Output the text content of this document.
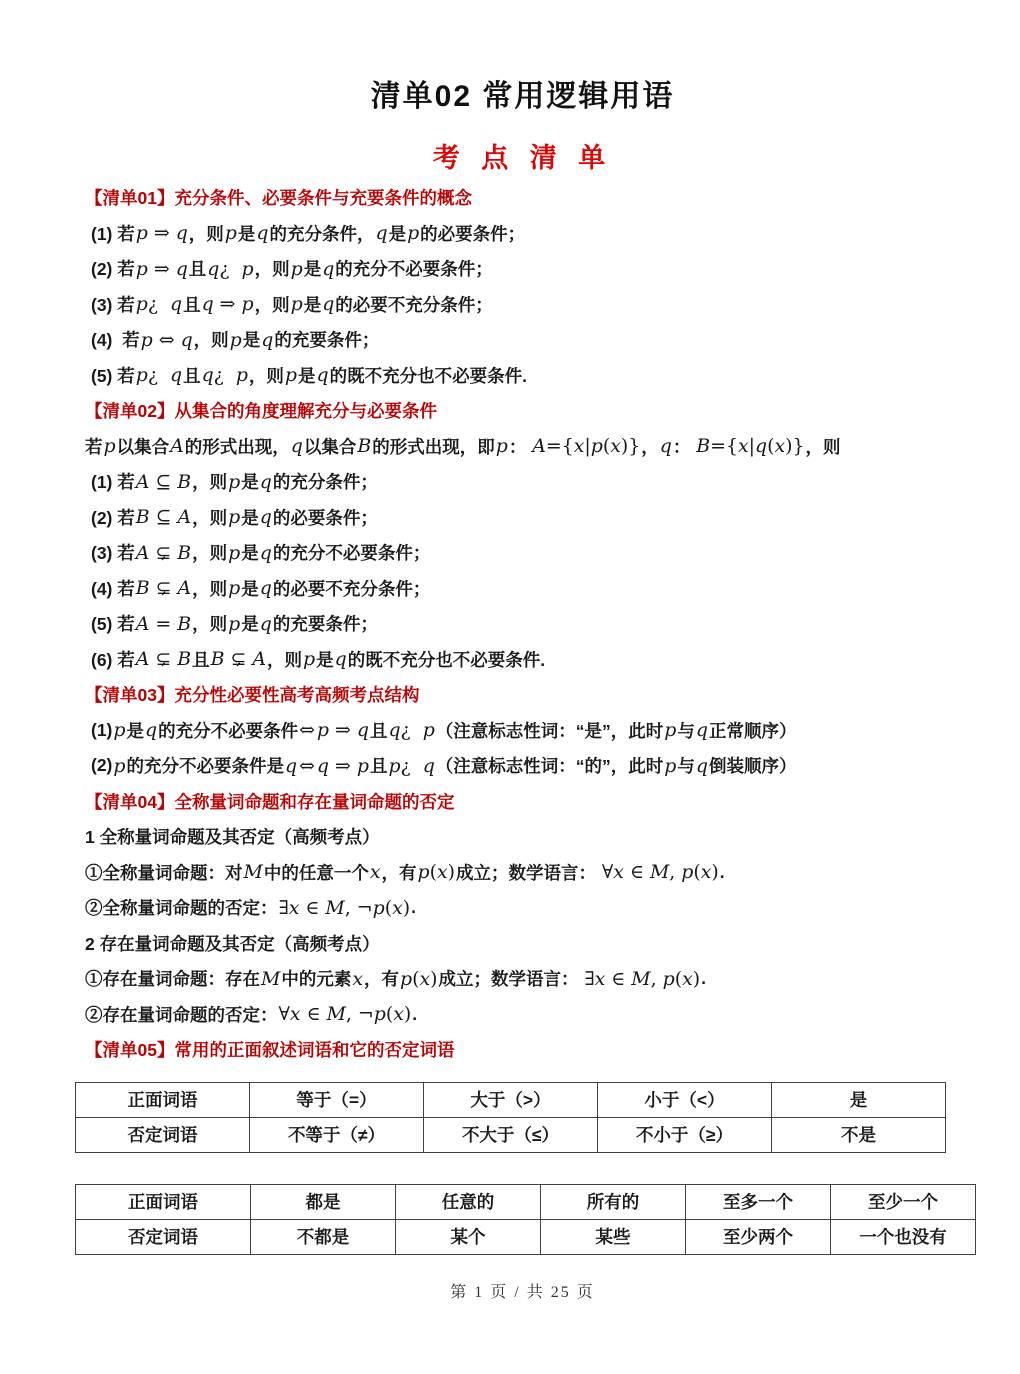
清单02 常用逻辑用语
考 点 清 单
【清单01】充分条件、必要条件与充要条件的概念
(1) 若 p ⇒ q ，则 p 是 q 的充分条件， q 是 p 的必要条件；
(2) 若 p ⇒ q 且 q¿  p ，则 p 是 q 的充分不必要条件；
(3) 若 p¿  q 且 q ⇒ p ，则 p 是 q 的必要不充分条件；
(4)  若 p ⇔ q ，则 p 是 q 的充要条件；
(5) 若 p¿  q 且 q¿  p ，则 p 是 q 的既不充分也不必要条件.
【清单02】从集合的角度理解充分与必要条件
若 p 以集合 A 的形式出现， q 以集合 B 的形式出现，即 p ： A={x|p(x)} ， q ： B={x|q(x)} ，则
(1) 若 A ⊆ B ，则 p 是 q 的充分条件；
(2) 若 B ⊆ A ，则 p 是 q 的必要条件；
(3) 若 A ⊊ B ，则 p 是 q 的充分不必要条件；
(4) 若 B ⊊ A ，则 p 是 q 的必要不充分条件；
(5) 若 A = B ，则 p 是 q 的充要条件；
(6) 若 A ⊊ B 且 B ⊊ A ，则 p 是 q 的既不充分也不必要条件.
【清单03】充分性必要性高考高频考点结构
(1) p 是 q 的充分不必要条件 ⇔ p ⇒ q 且 q¿  p （注意标志性词：“是”，此时 p 与 q 正常顺序）
(2) p 的充分不必要条件是 q ⇔ q ⇒ p 且 p¿  q （注意标志性词：“的”，此时 p 与 q 倒装顺序）
【清单04】全称量词命题和存在量词命题的否定
1 全称量词命题及其否定（高频考点）
①全称量词命题：对 M 中的任意一个 x ，有 p(x) 成立；数学语言： ∀x ∈ M, p(x) .
②全称量词命题的否定： ∃x ∈ M, ¬p(x) .
2 存在量词命题及其否定（高频考点）
①存在量词命题：存在 M 中的元素 x ，有 p(x) 成立；数学语言： ∃x ∈ M, p(x) .
②存在量词命题的否定： ∀x ∈ M, ¬p(x) .
【清单05】常用的正面叙述词语和它的否定词语
正面词语	等于（=）	大于（>）	小于（<）	是
否定词语	不等于（≠）	不大于（≤）	不小于（≥）	不是
正面词语	都是	任意的	所有的	至多一个	至少一个
否定词语	不都是	某个	某些	至少两个	一个也没有
第 1 页 / 共 25 页
